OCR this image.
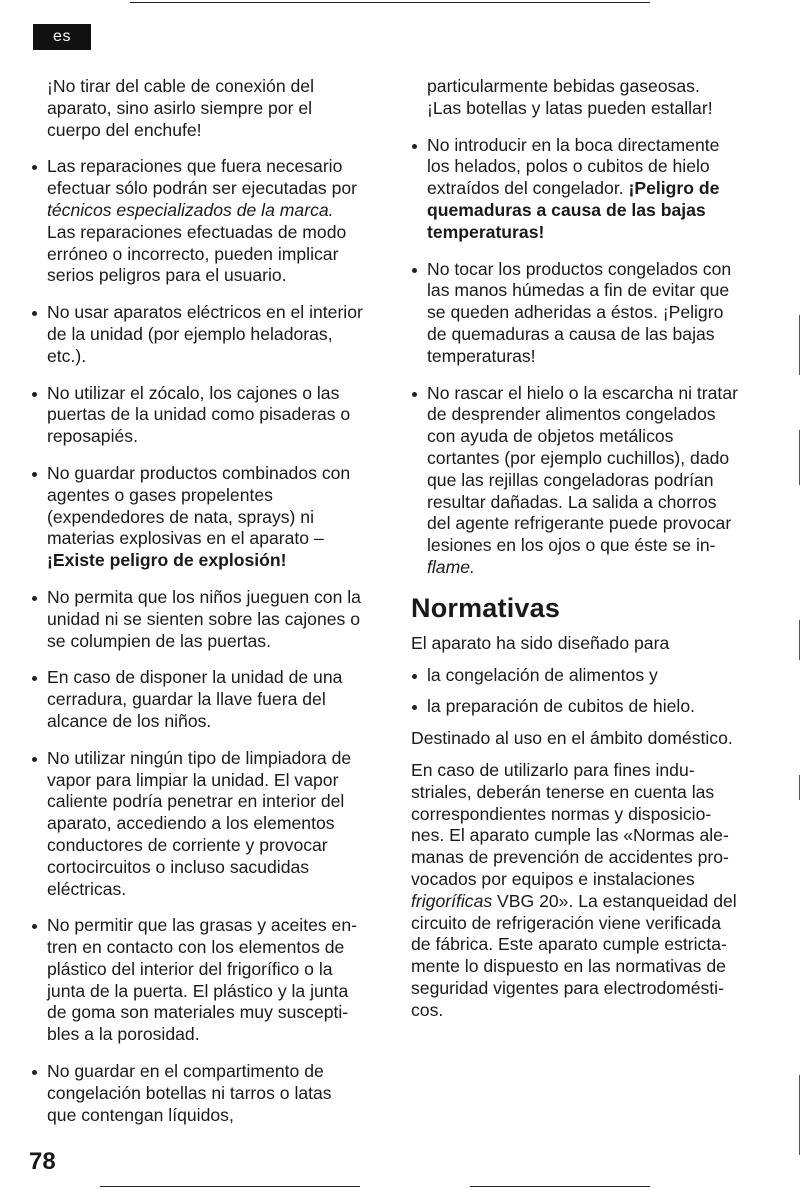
es
¡No tirar del cable de conexión del
aparato, sino asirlo siempre por el
cuerpo del enchufe!
Las reparaciones que fuera necesario
efectuar sólo podrán ser ejecutadas por
técnicos especializados de la marca.
Las reparaciones efectuadas de modo
erróneo o incorrecto, pueden implicar
serios peligros para el usuario.
No usar aparatos eléctricos en el interior
de la unidad (por ejemplo heladoras,
etc.).
No utilizar el zócalo, los cajones o las
puertas de la unidad como pisaderas o
reposapiés.
No guardar productos combinados con
agentes o gases propelentes
(expendedores de nata, sprays) ni
materias explosivas en el aparato –
¡Existe peligro de explosión!
No permita que los niños jueguen con la
unidad ni se sienten sobre las cajones o
se columpien de las puertas.
En caso de disponer la unidad de una
cerradura, guardar la llave fuera del
alcance de los niños.
No utilizar ningún tipo de limpiadora de
vapor para limpiar la unidad. El vapor
caliente podría penetrar en interior del
aparato, accediendo a los elementos
conductores de corriente y provocar
cortocircuitos o incluso sacudidas
eléctricas.
No permitir que las grasas y aceites en-
tren en contacto con los elementos de
plástico del interior del frigorífico o la
junta de la puerta. El plástico y la junta
de goma son materiales muy suscepti-
bles a la porosidad.
No guardar en el compartimento de
congelación botellas ni tarros o latas
que contengan líquidos,
particularmente bebidas gaseosas.
¡Las botellas y latas pueden estallar!
No introducir en la boca directamente
los helados, polos o cubitos de hielo
extraídos del congelador. ¡Peligro de
quemaduras a causa de las bajas
temperaturas!
No tocar los productos congelados con
las manos húmedas a fin de evitar que
se queden adheridas a éstos. ¡Peligro
de quemaduras a causa de las bajas
temperaturas!
No rascar el hielo o la escarcha ni tratar
de desprender alimentos congelados
con ayuda de objetos metálicos
cortantes (por ejemplo cuchillos), dado
que las rejillas congeladoras podrían
resultar dañadas. La salida a chorros
del agente refrigerante puede provocar
lesiones en los ojos o que éste se in-
flame.
Normativas
El aparato ha sido diseñado para
la congelación de alimentos y
la preparación de cubitos de hielo.
Destinado al uso en el ámbito doméstico.
En caso de utilizarlo para fines indu-
striales, deberán tenerse en cuenta las
correspondientes normas y disposicio-
nes. El aparato cumple las «Normas ale-
manas de prevención de accidentes pro-
vocados por equipos e instalaciones
frigoríficas VBG 20». La estanqueidad del
circuito de refrigeración viene verificada
de fábrica. Este aparato cumple estricta-
mente lo dispuesto en las normativas de
seguridad vigentes para electrodomésti-
cos.
78
